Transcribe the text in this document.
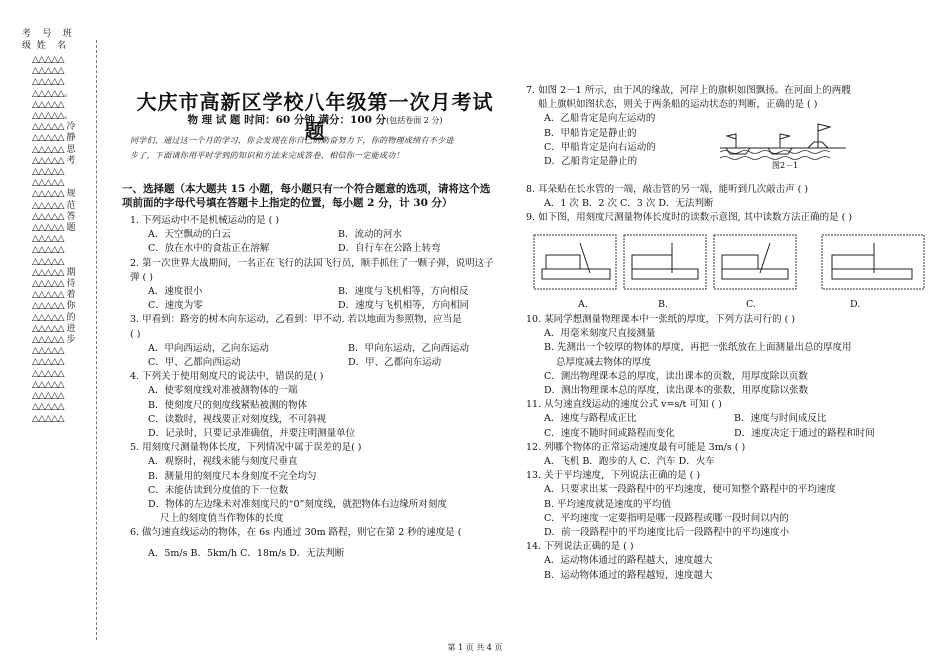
考    号    班
级  姓    名
△△△△△
△△△△△
△△△△△
△△△△△。
△△△△△
△△△△△。
△△△△△ 冷
△△△△△ 静
△△△△△ 思
△△△△△ 考
△△△△△
△△△△△
△△△△△ 规
△△△△△ 范
△△△△△ 答
△△△△△ 题
△△△△△
△△△△△
△△△△△
△△△△△ 期
△△△△△ 待
△△△△△ 着
△△△△△ 你
△△△△△ 的
△△△△△ 进
△△△△△ 步
△△△△△
△△△△△
△△△△△
△△△△△
△△△△△
△△△△△
△△△△△
大庆市高新区学校八年级第一次月考试题
物 理 试 题 时间：60 分钟 满分：100 分(包括卷面 2 分)
同学们，通过这一个月的学习，你会发现在你自己的勤奋努力下，你的物理成绩有不少进
步了，下面请你用平时学到的知识和方法来完成答卷，相信你一定能成功！
一、选择题（本大题共 15 小题，每小题只有一个符合题意的选项，请将这个选
项前面的字母代号填在答题卡上指定的位置，每小题 2 分，计 30 分）
1. 下列运动中不是机械运动的是 ( )
A．天空飘动的白云	B．流动的河水
C．放在水中的食盐正在溶解	D．自行车在公路上转弯
2. 第一次世界大战期间，一名正在飞行的法国飞行员，顺手抓住了一颗子弹，说明这子
弹 ( )
A．速度很小	B．速度与飞机相等，方向相反
C．速度为零	D．速度与飞机相等，方向相同
3. 甲看到：路旁的树木向东运动，乙看到：甲不动. 若以地面为参照物，应当是
( )
A．甲向西运动，乙向东运动	B．甲向东运动，乙向西运动
C．甲、乙都向西运动	D．甲、乙都向东运动
4. 下列关于使用刻度尺的说法中，错误的是( )
A．使零刻度线对准被测物体的一端
B．使刻度尺的刻度线紧贴被测的物体
C．读数时，视线要正对刻度线，不可斜视
D．记录时，只要记录准确值，并要注明测量单位
5. 用刻度尺测量物体长度，下列情况中属于误差的是( )
A．观察时，视线未能与刻度尺垂直
B．测量用的刻度尺本身刻度不完全均匀
C．未能估读到分度值的下一位数
D．物体的左边缘未对准刻度尺的“0”刻度线，就把物体右边缘所对刻度
尺上的刻度值当作物体的长度
6. 做匀速直线运动的物体，在 6s 内通过 30m 路程，则它在第 2 秒的速度是 (
A．5m/s B．5km/h C．18m/s D．无法判断
7. 如图 2－1 所示，由于风的缘故，河岸上的旗帜如图飘扬。在河面上的两艘
船上旗帜如图状态，则关于两条船的运动状态的判断，正确的是 ( )
A．乙船肯定是向左运动的
B．甲船肯定是静止的
C．甲船肯定是向右运动的
D．乙船肯定是静止的	图2－1
8. 耳朵贴在长水管的一端，敲击管的另一端，能听到几次敲击声 ( )
A．1 次 B．2 次 C．3 次 D．无法判断
9. 如下图，用刻度尺测量物体长度时的读数示意图, 其中读数方法正确的是 ( )
A.	B.	C.	D.
10. 某同学想测量物理课本中一张纸的厚度，下列方法可行的 ( )
A．用毫米刻度尺直接测量
B. 先测出一个较厚的物体的厚度，再把一张纸放在上面测量出总的厚度用
总厚度减去物体的厚度
C．测出物理课本总的厚度，读出课本的页数，用厚度除以页数
D．测出物理课本总的厚度，读出课本的张数，用厚度除以张数
11. 从匀速直线运动的速度公式 v=s/t 可知 ( )
A．速度与路程成正比	B．速度与时间成反比
C．速度不随时间或路程而变化	D．速度决定于通过的路程和时间
12. 列哪个物体的正常运动速度最有可能是 3m/s ( )
A．飞机 B．跑步的人 C．汽车 D．火车
13. 关于平均速度，下列说法正确的是 ( )
A．只要求出某一段路程中的平均速度，便可知整个路程中的平均速度
B. 平均速度就是速度的平均值
C．平均速度一定要指明是哪一段路程或哪一段时间以内的
D．前一段路程中的平均速度比后一段路程中的平均速度小
14. 下列说法正确的是 ( )
A．运动物体通过的路程越大，速度越大
B．运动物体通过的路程越短，速度越大
第 1 页 共 4 页
